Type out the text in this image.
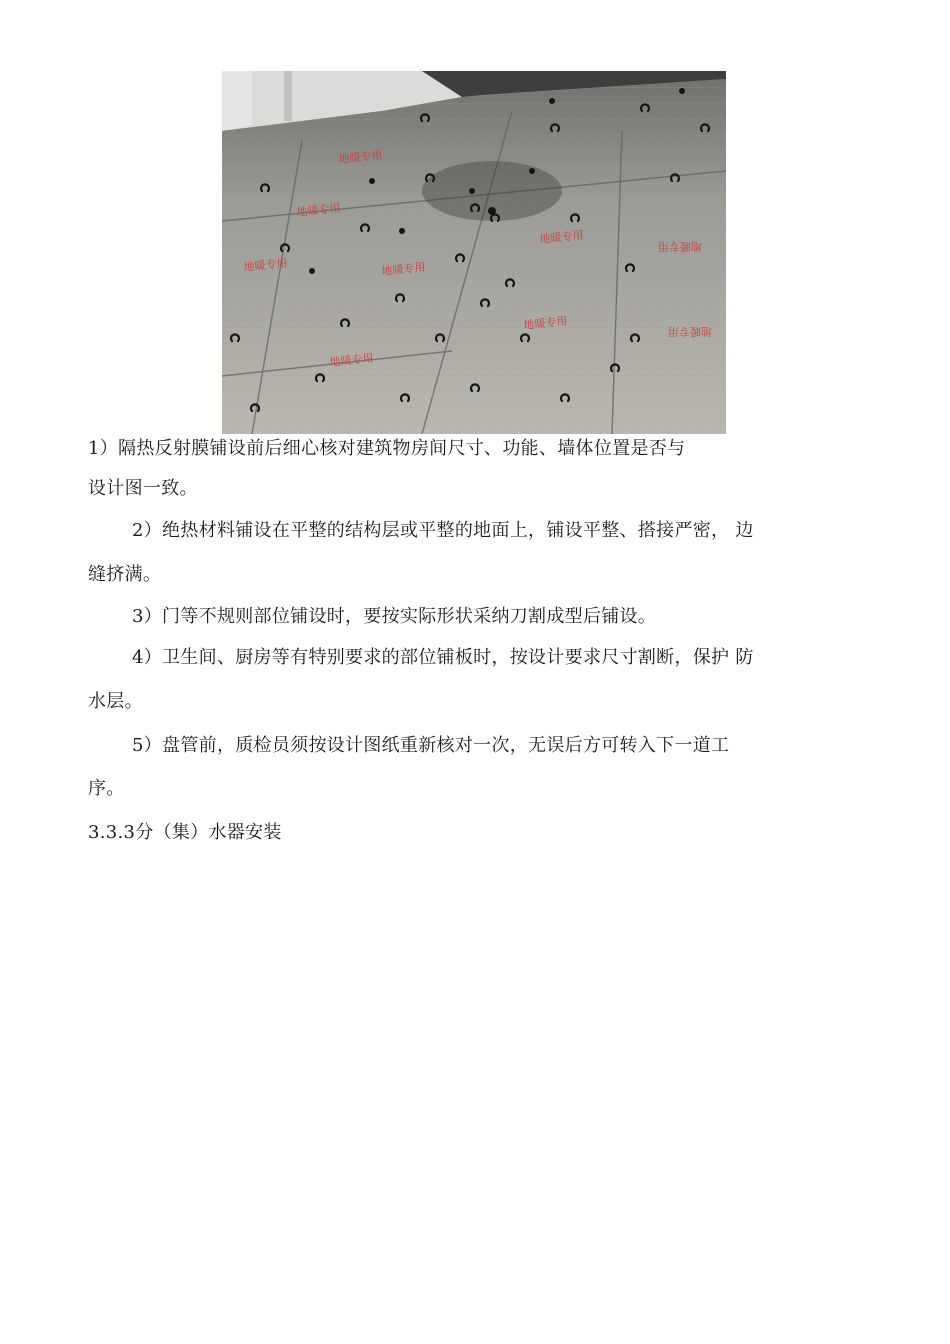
地暖专用
地暖专用
地暖专用
地暖专用
地暖专用
地暖专用
地暖专用
地暖专用
地暖专用
1）隔热反射膜铺设前后细心核对建筑物房间尺寸、功能、墙体位置是否与
设计图一致。
2）绝热材料铺设在平整的结构层或平整的地面上，铺设平整、搭接严密， 边
缝挤满。
3）门等不规则部位铺设时，要按实际形状采纳刀割成型后铺设。
4）卫生间、厨房等有特别要求的部位铺板时，按设计要求尺寸割断，保护 防
水层。
5）盘管前，质检员须按设计图纸重新核对一次，无误后方可转入下一道工
序。
3.3.3分（集）水器安装
